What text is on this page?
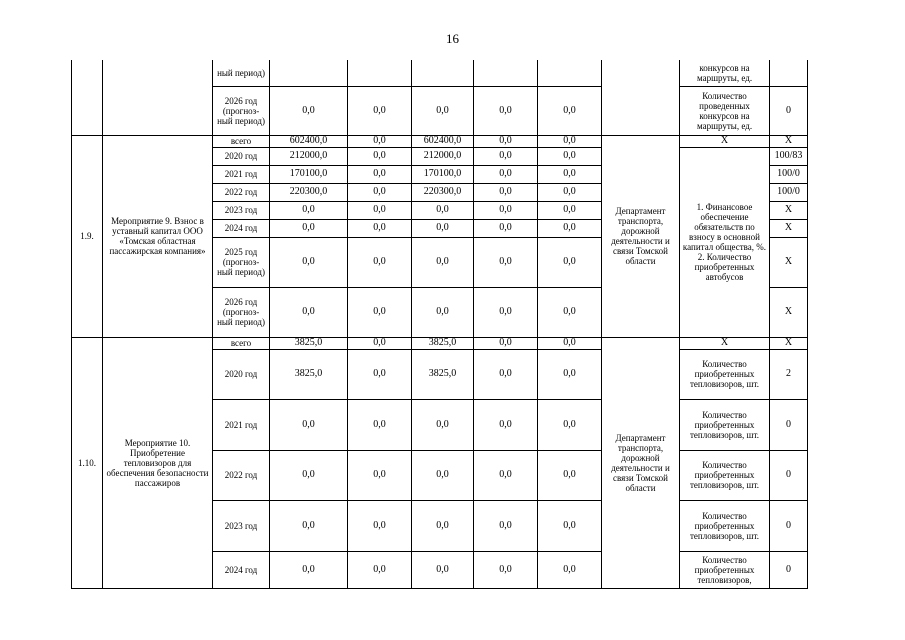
16
		ный период)							конкурсов на маршруты, ед.	
		2026 год (прогноз-ный период)	0,0	0,0	0,0	0,0	0,0		Количество проведенных конкурсов на маршруты, ед.	0
1.9.	Мероприятие 9. Взнос в уставный капитал ООО «Томская областная пассажирская компания»	всего	602400,0	0,0	602400,0	0,0	0,0	Департамент транспорта, дорожной деятельности и связи Томской области	Х	Х
		2020 год	212000,0	0,0	212000,0	0,0	0,0		1. Финансовое обеспечение обязательств по взносу в основной капитал общества, %. 2. Количество приобретенных автобусов	100/83
		2021 год	170100,0	0,0	170100,0	0,0	0,0			100/0
		2022 год	220300,0	0,0	220300,0	0,0	0,0			100/0
		2023 год	0,0	0,0	0,0	0,0	0,0			Х
		2024 год	0,0	0,0	0,0	0,0	0,0			Х
		2025 год (прогноз-ный период)	0,0	0,0	0,0	0,0	0,0			Х
		2026 год (прогноз-ный период)	0,0	0,0	0,0	0,0	0,0			Х
1.10.	Мероприятие 10. Приобретение тепловизоров для обеспечения безопасности пассажиров	всего	3825,0	0,0	3825,0	0,0	0,0	Департамент транспорта, дорожной деятельности и связи Томской области	Х	Х
		2020 год	3825,0	0,0	3825,0	0,0	0,0		Количество приобретенных тепловизоров, шт.	2
		2021 год	0,0	0,0	0,0	0,0	0,0		Количество приобретенных тепловизоров, шт.	0
		2022 год	0,0	0,0	0,0	0,0	0,0		Количество приобретенных тепловизоров, шт.	0
		2023 год	0,0	0,0	0,0	0,0	0,0		Количество приобретенных тепловизоров, шт.	0
		2024 год	0,0	0,0	0,0	0,0	0,0		Количество приобретенных тепловизоров,	0
